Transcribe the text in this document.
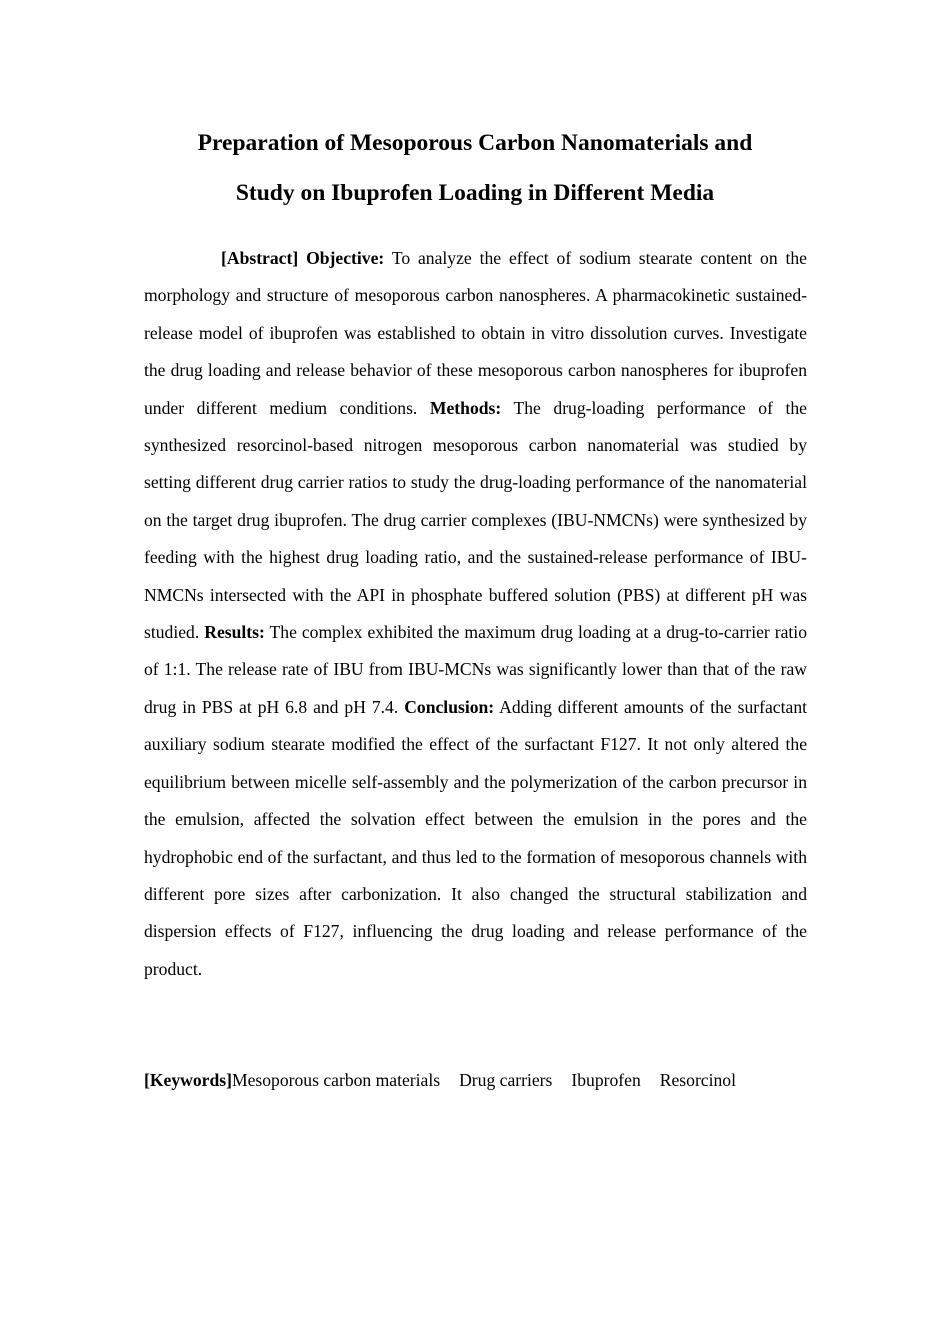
Preparation of Mesoporous Carbon Nanomaterials and
Study on Ibuprofen Loading in Different Media

[Abstract] Objective: To analyze the effect of sodium stearate content on the morphology and structure of mesoporous carbon nanospheres. A pharmacokinetic sustained-release model of ibuprofen was established to obtain in vitro dissolution curves. Investigate the drug loading and release behavior of these mesoporous carbon nanospheres for ibuprofen under different medium conditions. Methods: The drug-loading performance of the synthesized resorcinol-based nitrogen mesoporous carbon nanomaterial was studied by setting different drug carrier ratios to study the drug-loading performance of the nanomaterial on the target drug ibuprofen. The drug carrier complexes (IBU-NMCNs) were synthesized by feeding with the highest drug loading ratio, and the sustained-release performance of IBU-NMCNs intersected with the API in phosphate buffered solution (PBS) at different pH was studied. Results: The complex exhibited the maximum drug loading at a drug-to-carrier ratio of 1:1. The release rate of IBU from IBU-MCNs was significantly lower than that of the raw drug in PBS at pH 6.8 and pH 7.4. Conclusion: Adding different amounts of the surfactant auxiliary sodium stearate modified the effect of the surfactant F127. It not only altered the equilibrium between micelle self-assembly and the polymerization of the carbon precursor in the emulsion, affected the solvation effect between the emulsion in the pores and the hydrophobic end of the surfactant, and thus led to the formation of mesoporous channels with different pore sizes after carbonization. It also changed the structural stabilization and dispersion effects of F127, influencing the drug loading and release performance of the product.

[Keywords]Mesoporous carbon materials Drug carriers Ibuprofen Resorcinol
